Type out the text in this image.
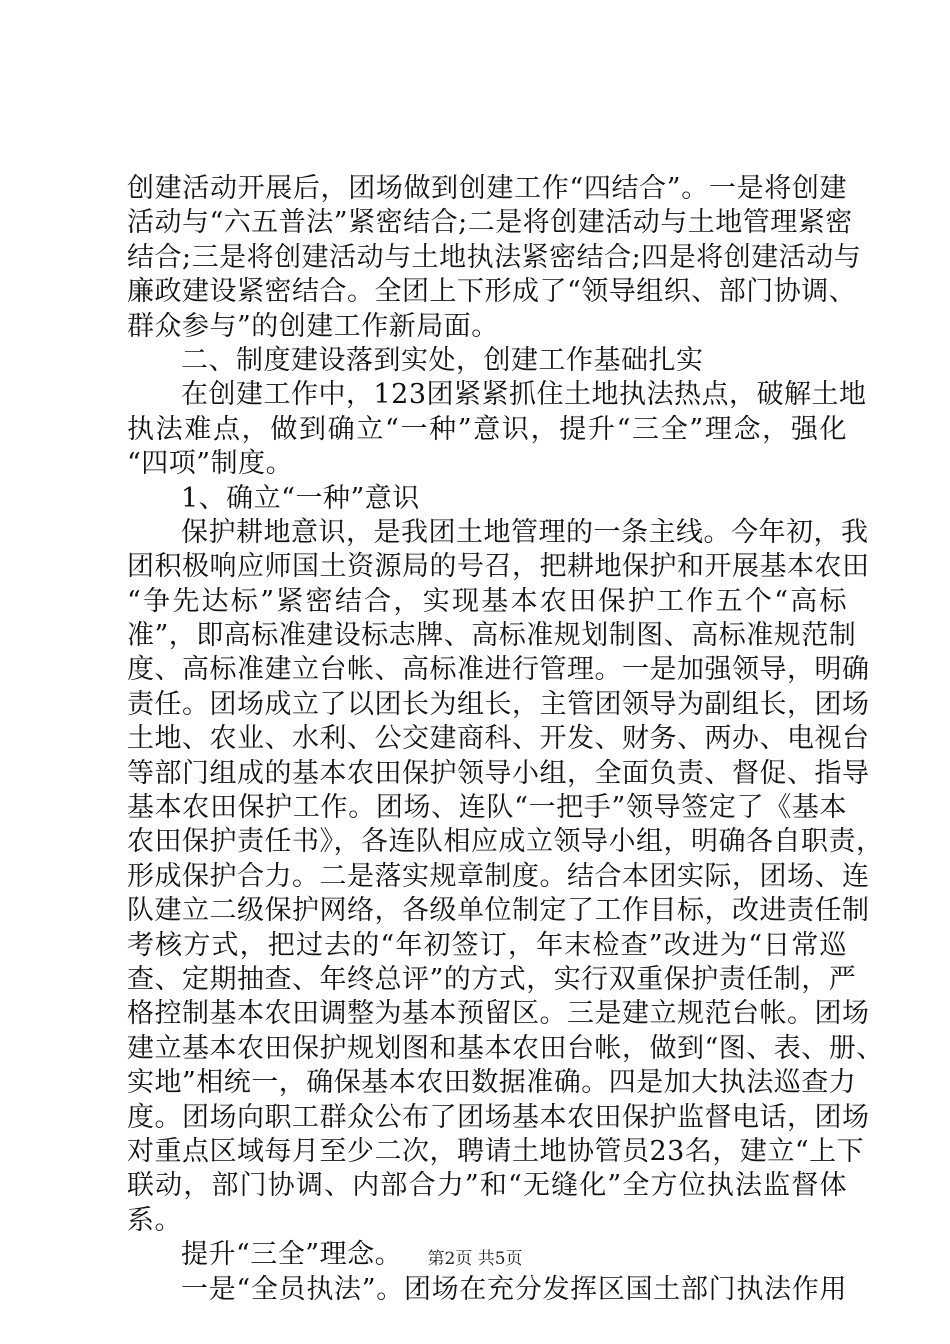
创建活动开展后，团场做到创建工作“四结合”。一是将创建
活动与“六五普法”紧密结合;二是将创建活动与土地管理紧密
结合;三是将创建活动与土地执法紧密结合;四是将创建活动与
廉政建设紧密结合。全团上下形成了“领导组织、部门协调、
群众参与”的创建工作新局面。
二、制度建设落到实处，创建工作基础扎实
在创建工作中，123团紧紧抓住土地执法热点，破解土地
执法难点，做到确立“一种”意识，提升“三全”理念，强化
“四项”制度。
1、确立“一种”意识
保护耕地意识，是我团土地管理的一条主线。今年初，我
团积极响应师国土资源局的号召，把耕地保护和开展基本农田
“争先达标”紧密结合，实现基本农田保护工作五个“高标
准”，即高标准建设标志牌、高标准规划制图、高标准规范制
度、高标准建立台帐、高标准进行管理。一是加强领导，明确
责任。团场成立了以团长为组长，主管团领导为副组长，团场
土地、农业、水利、公交建商科、开发、财务、两办、电视台
等部门组成的基本农田保护领导小组，全面负责、督促、指导
基本农田保护工作。团场、连队“一把手”领导签定了《基本
农田保护责任书》，各连队相应成立领导小组，明确各自职责，
形成保护合力。二是落实规章制度。结合本团实际，团场、连
队建立二级保护网络，各级单位制定了工作目标，改进责任制
考核方式，把过去的“年初签订，年末检查”改进为“日常巡
查、定期抽查、年终总评”的方式，实行双重保护责任制，严
格控制基本农田调整为基本预留区。三是建立规范台帐。团场
建立基本农田保护规划图和基本农田台帐，做到“图、表、册、
实地”相统一，确保基本农田数据准确。四是加大执法巡查力
度。团场向职工群众公布了团场基本农田保护监督电话，团场
对重点区域每月至少二次，聘请土地协管员23名，建立“上下
联动，部门协调、内部合力”和“无缝化”全方位执法监督体
系。
提升“三全”理念。
一是“全员执法”。团场在充分发挥区国土部门执法作用
第2页 共5页
